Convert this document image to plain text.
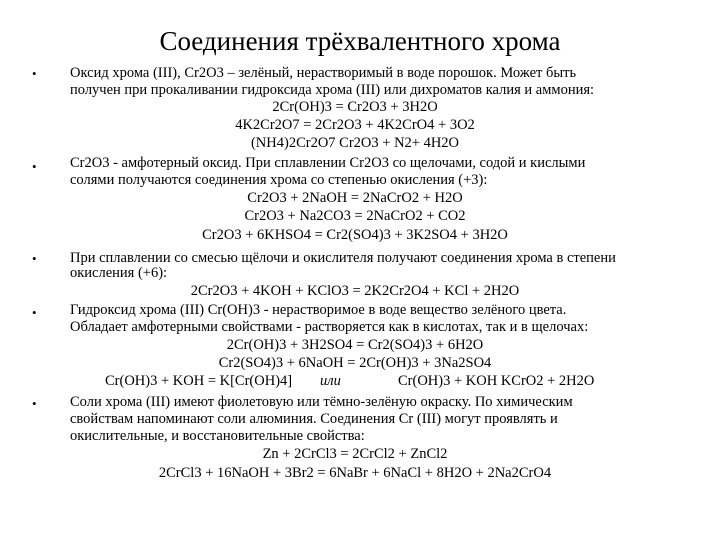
Соединения трёхвалентного хрома
• Оксид хрома (III), Cr2O3 – зелёный, нерастворимый в воде порошок. Может быть
получен при прокаливании гидроксида хрома (III) или дихроматов калия и аммония:
2Cr(OH)3 = Cr2O3 + 3H2O
4K2Cr2O7 = 2Cr2O3 + 4K2CrO4 + 3O2
(NH4)2Cr2O7 Cr2O3 + N2+ 4H2O
• Cr2O3 - амфотерный оксид. При сплавлении Cr2O3 со щелочами, содой и кислыми
солями получаются соединения хрома со степенью окисления (+3):
Cr2O3 + 2NaOH = 2NaCrO2 + H2O
Cr2O3 + Na2CO3 = 2NaCrO2 + CO2
Cr2O3 + 6KHSO4 = Cr2(SO4)3 + 3K2SO4 + 3H2O
• При сплавлении со смесью щёлочи и окислителя получают соединения хрома в степени
окисления (+6):
2Cr2O3 + 4KOH + KClO3 = 2K2Cr2O4 + KCl + 2H2O
• Гидроксид хрома (III) Cr(OH)3 - нерастворимое в воде вещество зелёного цвета.
Обладает амфотерными свойствами - растворяется как в кислотах, так и в щелочах:
2Cr(OH)3 + 3H2SO4 = Cr2(SO4)3 + 6H2O
Cr2(SO4)3 + 6NaOH = 2Cr(OH)3 + 3Na2SO4
Cr(OH)3 + KOH = K[Cr(OH)4] или	Cr(OH)3 + KOH KCrO2 + 2H2O
• Соли хрома (III) имеют фиолетовую или тёмно-зелёную окраску. По химическим
свойствам напоминают соли алюминия. Соединения Cr (III) могут проявлять и
окислительные, и восстановительные свойства:
Zn + 2CrCl3 = 2CrCl2 + ZnCl2
2CrCl3 + 16NaOH + 3Br2 = 6NaBr + 6NaCl + 8H2O + 2Na2CrO4
